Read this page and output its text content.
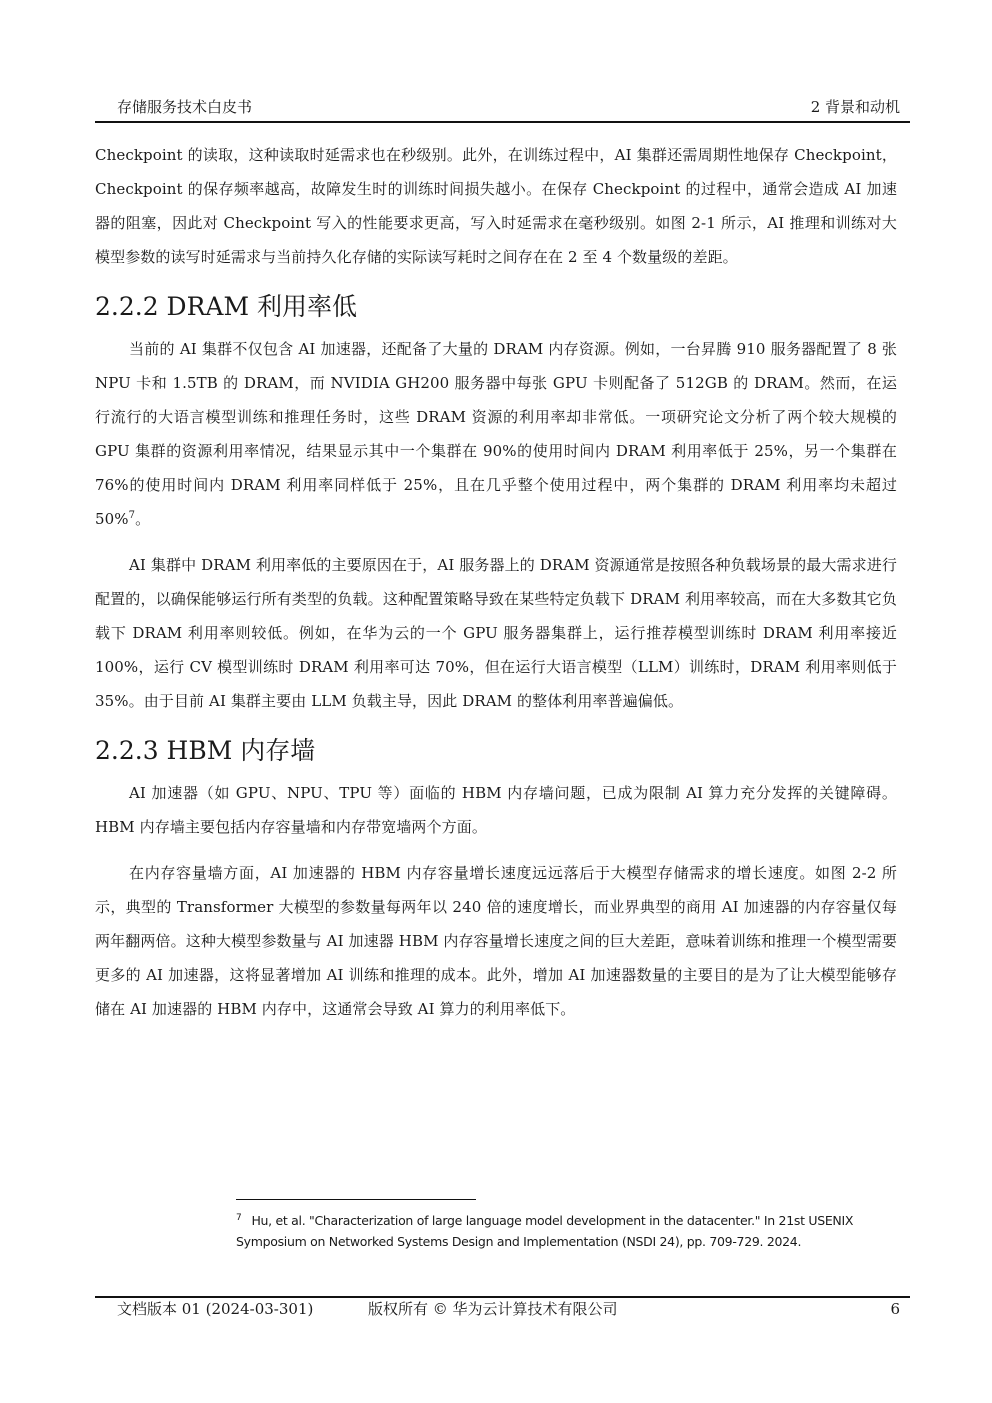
存储服务技术白皮书	2 背景和动机

Checkpoint 的读取，这种读取时延需求也在秒级别。此外，在训练过程中，AI 集群还需周期性地保存 Checkpoint，Checkpoint 的保存频率越高，故障发生时的训练时间损失越小。在保存 Checkpoint 的过程中，通常会造成 AI 加速器的阻塞，因此对 Checkpoint 写入的性能要求更高，写入时延需求在毫秒级别。如图 2-1 所示，AI 推理和训练对大模型参数的读写时延需求与当前持久化存储的实际读写耗时之间存在在 2 至 4 个数量级的差距。

2.2.2 DRAM 利用率低

当前的 AI 集群不仅包含 AI 加速器，还配备了大量的 DRAM 内存资源。例如，一台昇腾 910 服务器配置了 8 张 NPU 卡和 1.5TB 的 DRAM，而 NVIDIA GH200 服务器中每张 GPU 卡则配备了 512GB 的 DRAM。然而，在运行流行的大语言模型训练和推理任务时，这些 DRAM 资源的利用率却非常低。一项研究论文分析了两个较大规模的 GPU 集群的资源利用率情况，结果显示其中一个集群在 90%的使用时间内 DRAM 利用率低于 25%，另一个集群在 76%的使用时间内 DRAM 利用率同样低于 25%，且在几乎整个使用过程中，两个集群的 DRAM 利用率均未超过 50%$^7$。

AI 集群中 DRAM 利用率低的主要原因在于，AI 服务器上的 DRAM 资源通常是按照各种负载场景的最大需求进行配置的，以确保能够运行所有类型的负载。这种配置策略导致在某些特定负载下 DRAM 利用率较高，而在大多数其它负载下 DRAM 利用率则较低。例如，在华为云的一个 GPU 服务器集群上，运行推荐模型训练时 DRAM 利用率接近 100%，运行 CV 模型训练时 DRAM 利用率可达 70%，但在运行大语言模型（LLM）训练时，DRAM 利用率则低于 35%。由于目前 AI 集群主要由 LLM 负载主导，因此 DRAM 的整体利用率普遍偏低。

2.2.3 HBM 内存墙

AI 加速器（如 GPU、NPU、TPU 等）面临的 HBM 内存墙问题，已成为限制 AI 算力充分发挥的关键障碍。HBM 内存墙主要包括内存容量墙和内存带宽墙两个方面。

在内存容量墙方面，AI 加速器的 HBM 内存容量增长速度远远落后于大模型存储需求的增长速度。如图 2-2 所示，典型的 Transformer 大模型的参数量每两年以 240 倍的速度增长，而业界典型的商用 AI 加速器的内存容量仅每两年翻两倍。这种大模型参数量与 AI 加速器 HBM 内存容量增长速度之间的巨大差距，意味着训练和推理一个模型需要更多的 AI 加速器，这将显著增加 AI 训练和推理的成本。此外，增加 AI 加速器数量的主要目的是为了让大模型能够存储在 AI 加速器的 HBM 内存中，这通常会导致 AI 算力的利用率低下。

$^7$ Hu, et al. "Characterization of large language model development in the datacenter." In 21st USENIX Symposium on Networked Systems Design and Implementation (NSDI 24), pp. 709-729. 2024.
文档版本 01 (2024-03-301)	版权所有 © 华为云计算技术有限公司	6
